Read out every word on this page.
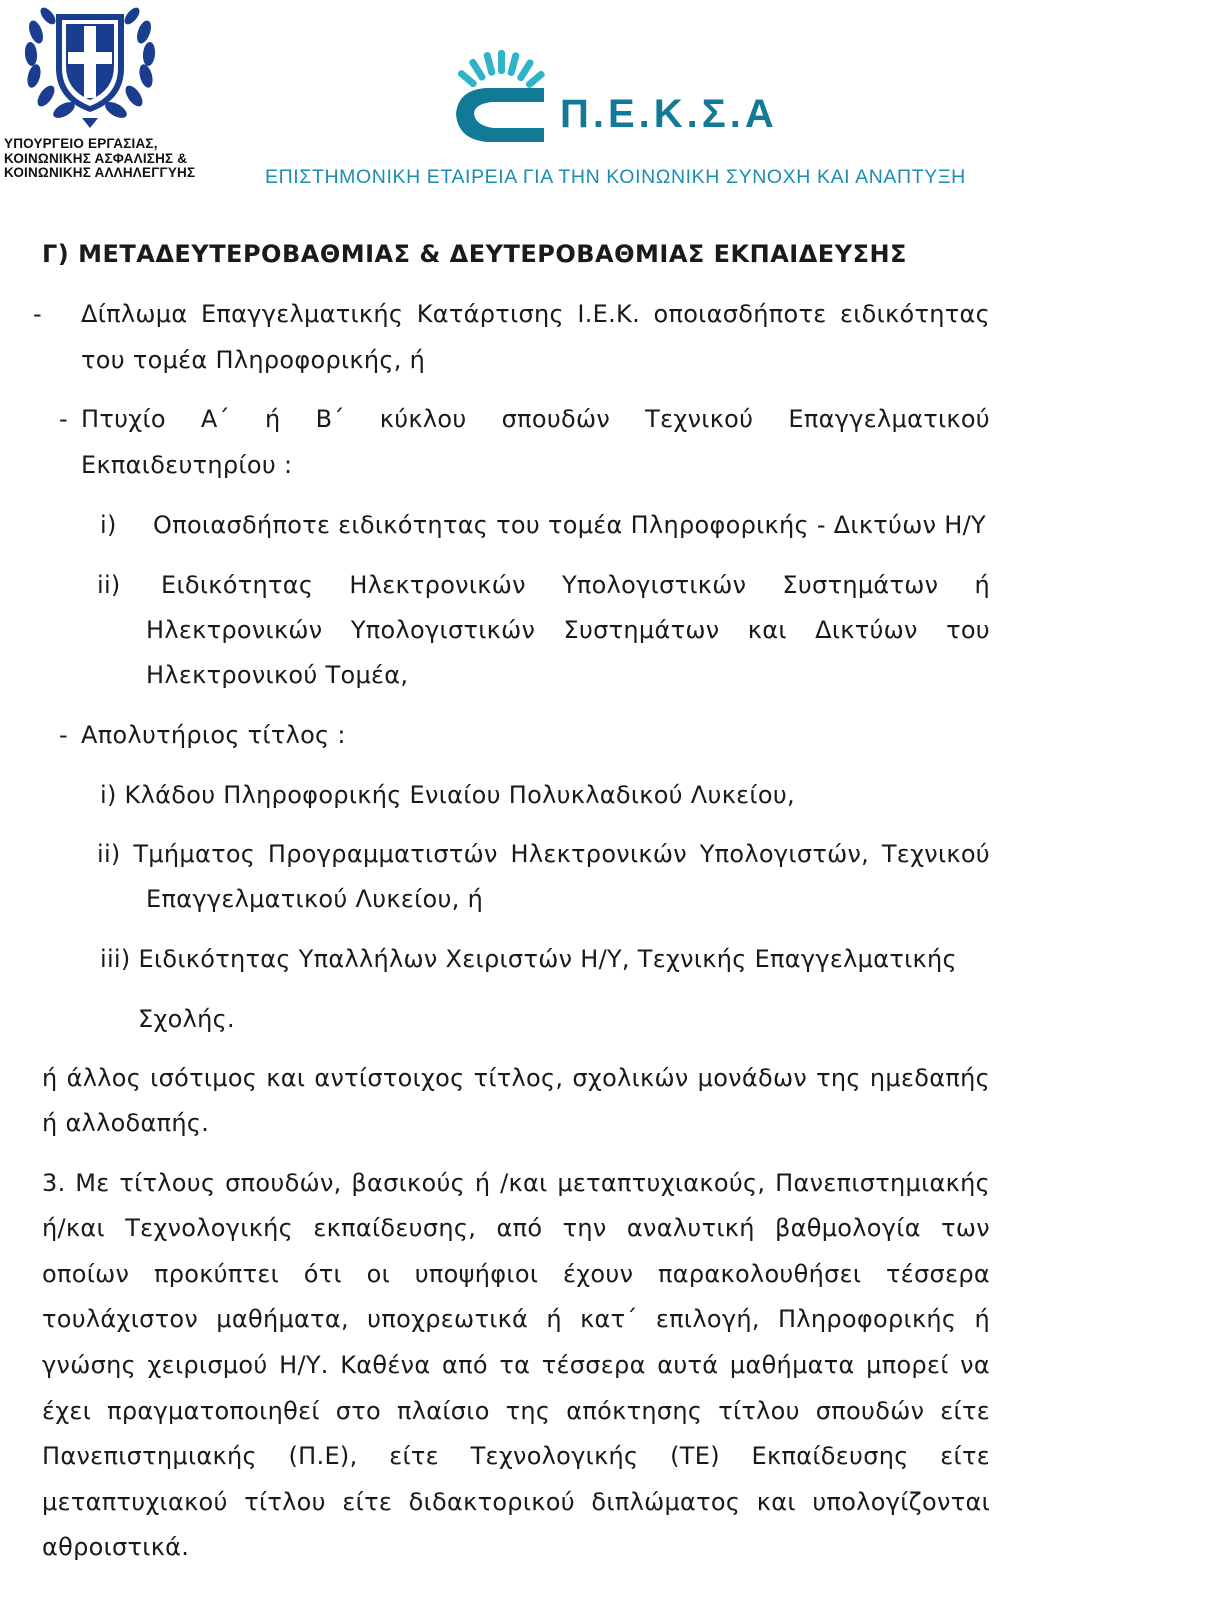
ΥΠΟΥΡΓΕΙΟ ΕΡΓΑΣΙΑΣ,
ΚΟΙΝΩΝΙΚΗΣ ΑΣΦΑΛΙΣΗΣ &
ΚΟΙΝΩΝΙΚΗΣ ΑΛΛΗΛΕΓΓΥΗΣ
Π.Ε.Κ.Σ.Α
ΕΠΙΣΤΗΜΟΝΙΚΗ ΕΤΑΙΡΕΙΑ ΓΙΑ ΤΗΝ ΚΟΙΝΩΝΙΚΗ ΣΥΝΟΧΗ ΚΑΙ ΑΝΑΠΤΥΞΗ
Γ) ΜΕΤΑΔΕΥΤΕΡΟΒΑΘΜΙΑΣ & ΔΕΥΤΕΡΟΒΑΘΜΙΑΣ ΕΚΠΑΙΔΕΥΣΗΣ
- Δίπλωμα Επαγγελματικής Κατάρτισης Ι.Ε.Κ. οποιασδήποτε ειδικότητας
του τομέα Πληροφορικής, ή
- Πτυχίο Α΄ ή Β΄ κύκλου σπουδών Τεχνικού Επαγγελματικού
Εκπαιδευτηρίου :
i) Οποιασδήποτε ειδικότητας του τομέα Πληροφορικής - Δικτύων Η/Υ
ii) Ειδικότητας Ηλεκτρονικών Υπολογιστικών Συστημάτων ή
Ηλεκτρονικών Υπολογιστικών Συστημάτων και Δικτύων του
Ηλεκτρονικού Τομέα,
- Απολυτήριος τίτλος :
i) Κλάδου Πληροφορικής Ενιαίου Πολυκλαδικού Λυκείου,
ii) Τμήματος Προγραμματιστών Ηλεκτρονικών Υπολογιστών, Τεχνικού
Επαγγελματικού Λυκείου, ή
iii) Ειδικότητας Υπαλλήλων Χειριστών Η/Υ, Τεχνικής Επαγγελματικής
Σχολής.
ή άλλος ισότιμος και αντίστοιχος τίτλος, σχολικών μονάδων της ημεδαπής
ή αλλοδαπής.
3. Με τίτλους σπουδών, βασικούς ή /και μεταπτυχιακούς, Πανεπιστημιακής
ή/και Τεχνολογικής εκπαίδευσης, από την αναλυτική βαθμολογία των
οποίων προκύπτει ότι οι υποψήφιοι έχουν παρακολουθήσει τέσσερα
τουλάχιστον μαθήματα, υποχρεωτικά ή κατ΄ επιλογή, Πληροφορικής ή
γνώσης χειρισμού Η/Υ. Καθένα από τα τέσσερα αυτά μαθήματα μπορεί να
έχει πραγματοποιηθεί στο πλαίσιο της απόκτησης τίτλου σπουδών είτε
Πανεπιστημιακής (Π.Ε), είτε Τεχνολογικής (ΤΕ) Εκπαίδευσης είτε
μεταπτυχιακού τίτλου είτε διδακτορικού διπλώματος και υπολογίζονται
αθροιστικά.
